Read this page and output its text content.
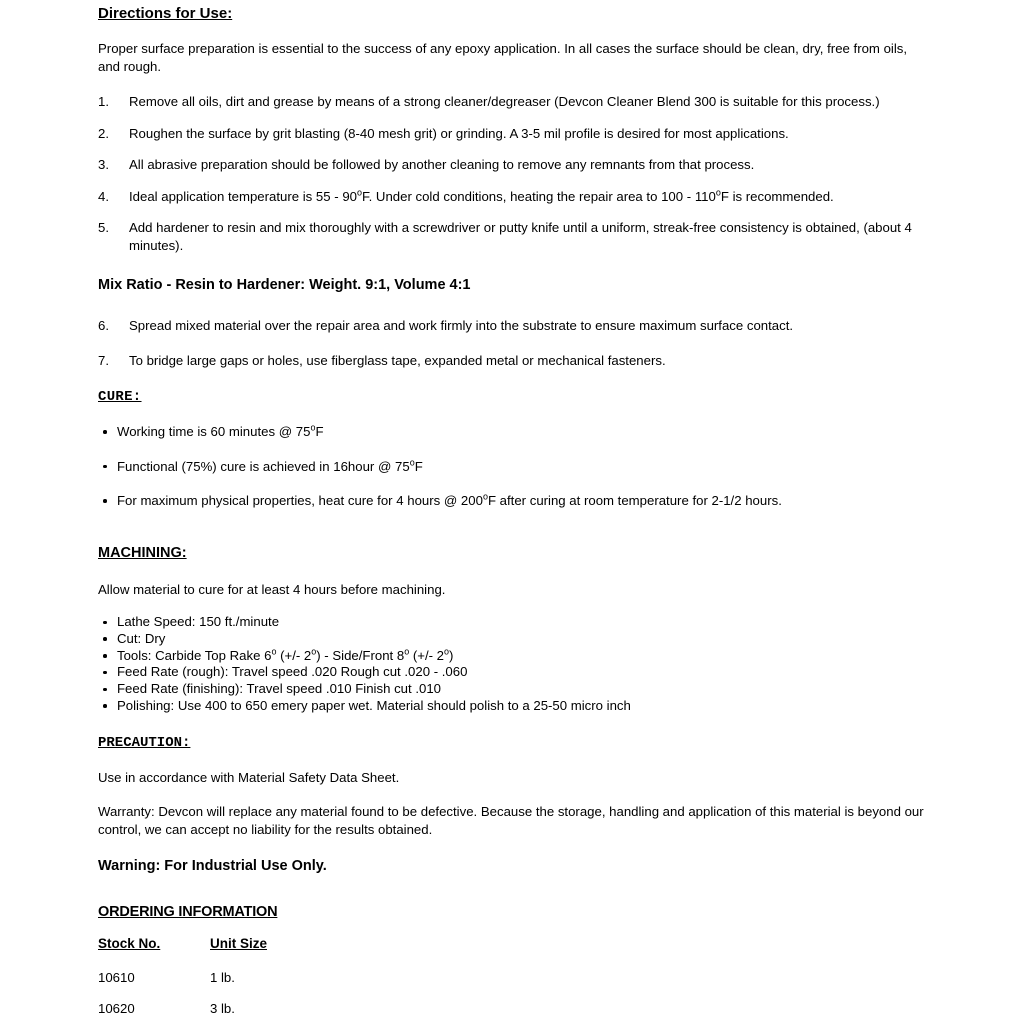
Directions for Use:

Proper surface preparation is essential to the success of any epoxy application. In all cases the surface should be clean, dry, free from oils, and rough.

1.	Remove all oils, dirt and grease by means of a strong cleaner/degreaser (Devcon Cleaner Blend 300 is suitable for this process.)
2.	Roughen the surface by grit blasting (8-40 mesh grit) or grinding. A 3-5 mil profile is desired for most applications.
3.	All abrasive preparation should be followed by another cleaning to remove any remnants from that process.
4.	Ideal application temperature is 55 - 90$^o$F. Under cold conditions, heating the repair area to 100 - 110$^o$F is recommended.
5.	Add hardener to resin and mix thoroughly with a screwdriver or putty knife until a uniform, streak-free consistency is obtained, (about 4 minutes).
Mix Ratio - Resin to Hardener: Weight. 9:1, Volume 4:1
6.	Spread mixed material over the repair area and work firmly into the substrate to ensure maximum surface contact.
7.	To bridge large gaps or holes, use fiberglass tape, expanded metal or mechanical fasteners.
CURE:
Working time is 60 minutes @ 75$^o$F
Functional (75%) cure is achieved in 16hour @ 75$^o$F
For maximum physical properties, heat cure for 4 hours @ 200$^o$F after curing at room temperature for 2-1/2 hours.
MACHINING:

Allow material to cure for at least 4 hours before machining.

Lathe Speed: 150 ft./minute
Cut: Dry
Tools: Carbide Top Rake 6$^o$ (+/- 2$^o$) - Side/Front 8$^o$ (+/- 2$^o$)
Feed Rate (rough): Travel speed .020 Rough cut .020 - .060
Feed Rate (finishing): Travel speed .010 Finish cut .010
Polishing: Use 400 to 650 emery paper wet. Material should polish to a 25-50 micro inch
PRECAUTION:

Use in accordance with Material Safety Data Sheet.

Warranty: Devcon will replace any material found to be defective. Because the storage, handling and application of this material is beyond our control, we can accept no liability for the results obtained.

Warning: For Industrial Use Only.
ORDERING INFORMATION
Stock No.	Unit Size
10610	1 lb.
10620	3 lb.
